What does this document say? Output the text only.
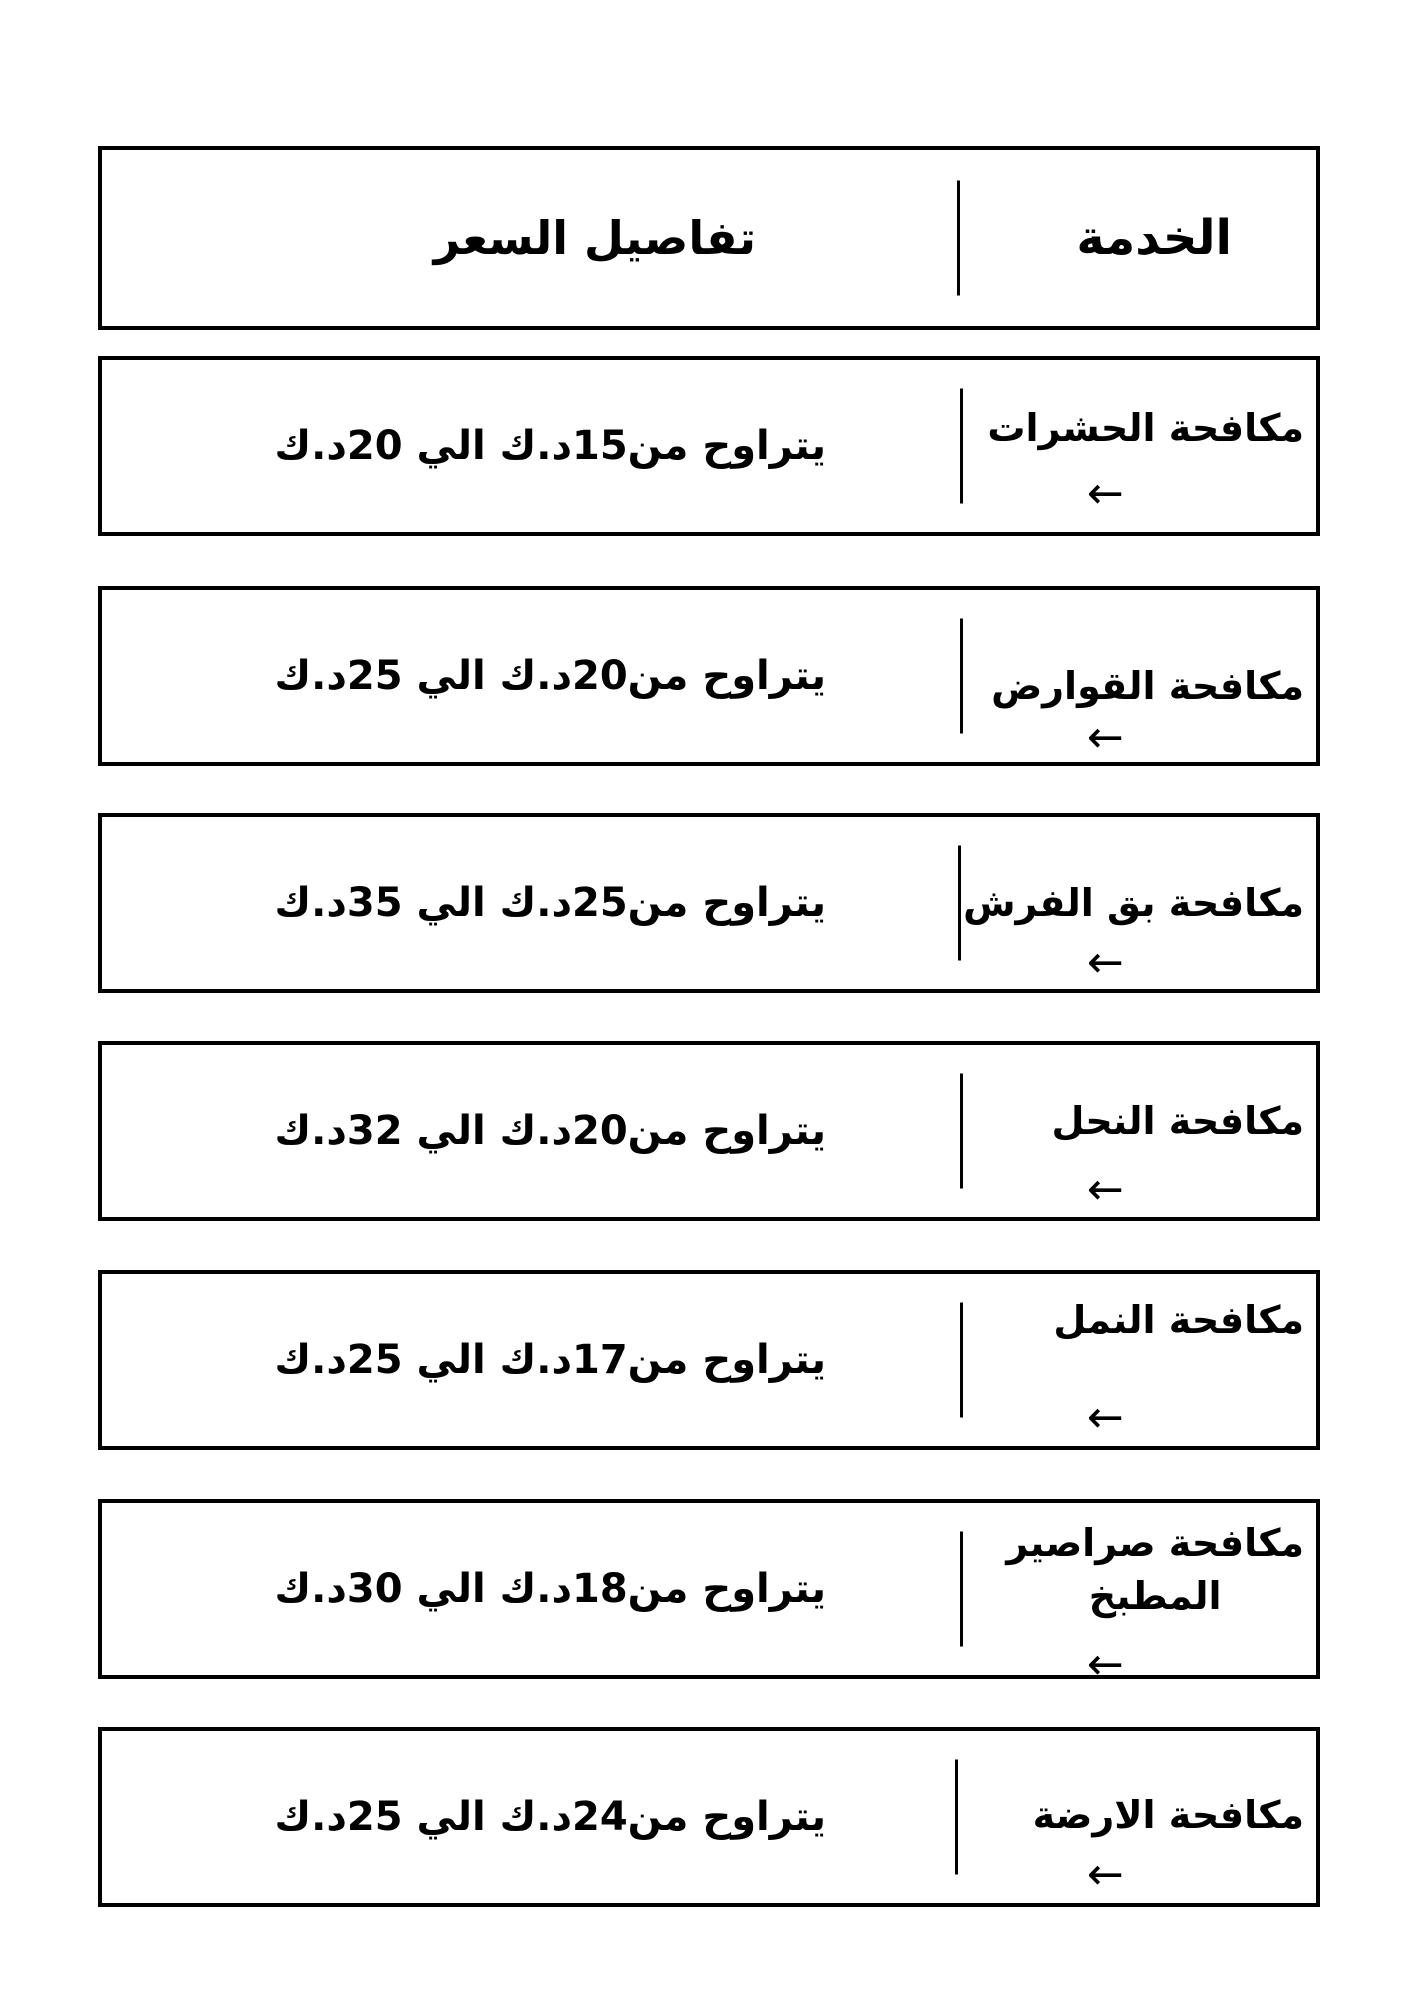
الخدمة
تفاصيل السعر
مكافحة الحشرات
←
يتراوح من15د.ك الي 20د.ك
مكافحة القوارض
←
يتراوح من20د.ك الي 25د.ك
مكافحة بق الفرش
←
يتراوح من25د.ك الي 35د.ك
مكافحة النحل
←
يتراوح من20د.ك الي 32د.ك
مكافحة النمل
←
يتراوح من17د.ك الي 25د.ك
مكافحة صراصير
المطبخ
←
يتراوح من18د.ك الي 30د.ك
مكافحة الارضة
←
يتراوح من24د.ك الي 25د.ك
